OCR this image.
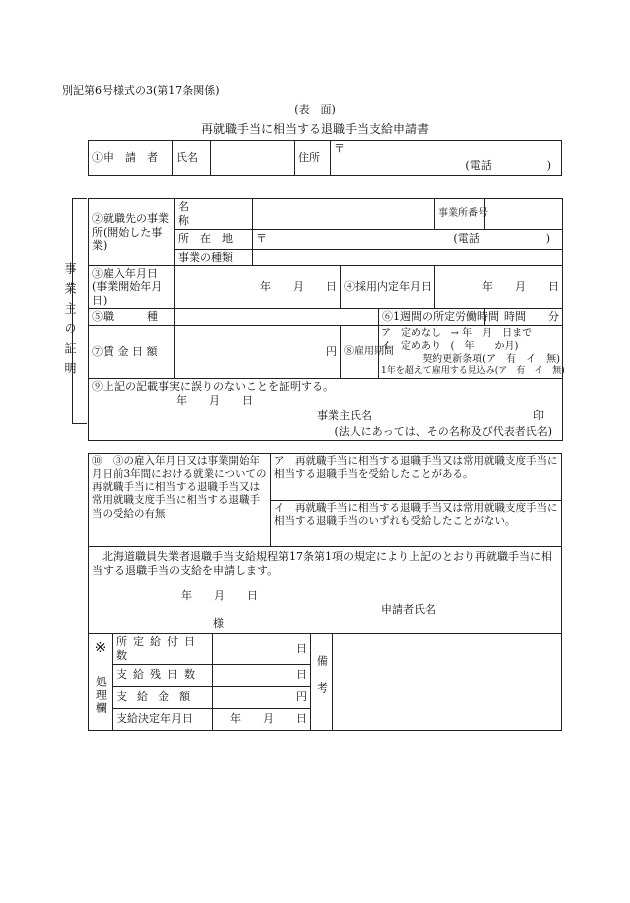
別記第6号様式の3(第17条関係)
(表　面)
再就職手当に相当する退職手当支給申請書
①申　請　者	氏名		住所	〒
(電話　　　　　)
事業主の証明
②就職先の事業所(開始した事業)	名　　　称				事業所番号	
	所　在　地	〒 (電話　　　　　　)				

	事業の種類					
③雇入年月日(事業開始年月日)	年　　月　　日		④採用内定年月日		年　　月　　日	
⑤職　　　種				⑥1週間の所定労働時間		時間　　分
⑦賃 金 日 額	円		⑧雇用期間	ア　定めなし   → 年　月　日まで
イ　定めあり (　年　　か月)
契約更新条項(ア　有　イ　無)
1年を超えて雇用する見込み(ア　有　イ　無)		

⑨上記の記載事実に誤りのないことを証明する。
年　　月　　日
事業主氏名 印
(法人にあっては、その名称及び代表者氏名)						
⑩　③の雇入年月日又は事業開始年月日前3年間における就業についての再就職手当に相当する退職手当又は常用就職支度手当に相当する退職手当の受給の有無	ア　再就職手当に相当する退職手当又は常用就職支度手当に相当する退職手当を受給したことがある。
イ　再就職手当に相当する退職手当又は常用就職支度手当に相当する退職手当のいずれも受給したことがない。
北海道職員失業者退職手当支給規程第17条第1項の規定により上記のとおり再就職手当に相当する退職手当の支給を申請します。
年　　月　　日
申請者氏名
様
※
処理欄	所定給付日数	日	備考	

	支給残日数	日		
	支給金額	円		
	支給決定年月日	年　　月　　日		
